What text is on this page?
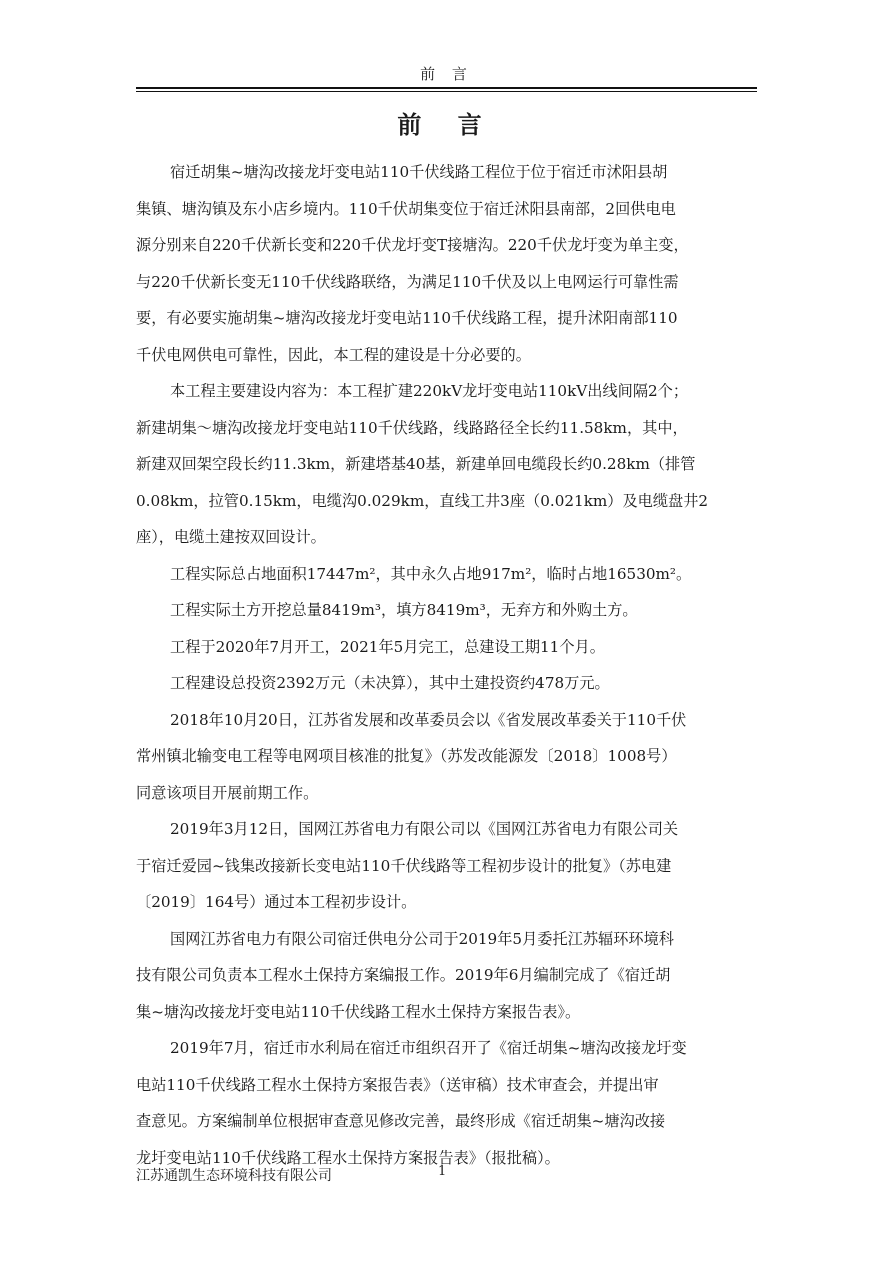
前 言
前 言
宿迁胡集~塘沟改接龙圩变电站110千伏线路工程位于位于宿迁市沭阳县胡
集镇、塘沟镇及东小店乡境内。110千伏胡集变位于宿迁沭阳县南部，2回供电电
源分别来自220千伏新长变和220千伏龙圩变T接塘沟。220千伏龙圩变为单主变，
与220千伏新长变无110千伏线路联络，为满足110千伏及以上电网运行可靠性需
要，有必要实施胡集~塘沟改接龙圩变电站110千伏线路工程，提升沭阳南部110
千伏电网供电可靠性，因此，本工程的建设是十分必要的。
本工程主要建设内容为：本工程扩建220kV龙圩变电站110kV出线间隔2个；
新建胡集～塘沟改接龙圩变电站110千伏线路，线路路径全长约11.58km，其中，
新建双回架空段长约11.3km，新建塔基40基，新建单回电缆段长约0.28km（排管
0.08km，拉管0.15km，电缆沟0.029km，直线工井3座（0.021km）及电缆盘井2
座），电缆土建按双回设计。
工程实际总占地面积17447m²，其中永久占地917m²，临时占地16530m²。
工程实际土方开挖总量8419m³，填方8419m³，无弃方和外购土方。
工程于2020年7月开工，2021年5月完工，总建设工期11个月。
工程建设总投资2392万元（未决算），其中土建投资约478万元。
2018年10月20日，江苏省发展和改革委员会以《省发展改革委关于110千伏
常州镇北输变电工程等电网项目核准的批复》（苏发改能源发〔2018〕1008号）
同意该项目开展前期工作。
2019年3月12日，国网江苏省电力有限公司以《国网江苏省电力有限公司关
于宿迁爱园~钱集改接新长变电站110千伏线路等工程初步设计的批复》（苏电建
〔2019〕164号）通过本工程初步设计。
国网江苏省电力有限公司宿迁供电分公司于2019年5月委托江苏辐环环境科
技有限公司负责本工程水土保持方案编报工作。2019年6月编制完成了《宿迁胡
集~塘沟改接龙圩变电站110千伏线路工程水土保持方案报告表》。
2019年7月，宿迁市水利局在宿迁市组织召开了《宿迁胡集~塘沟改接龙圩变
电站110千伏线路工程水土保持方案报告表》（送审稿）技术审查会，并提出审
查意见。方案编制单位根据审查意见修改完善，最终形成《宿迁胡集~塘沟改接
龙圩变电站110千伏线路工程水土保持方案报告表》（报批稿）。
江苏通凯生态环境科技有限公司	1
